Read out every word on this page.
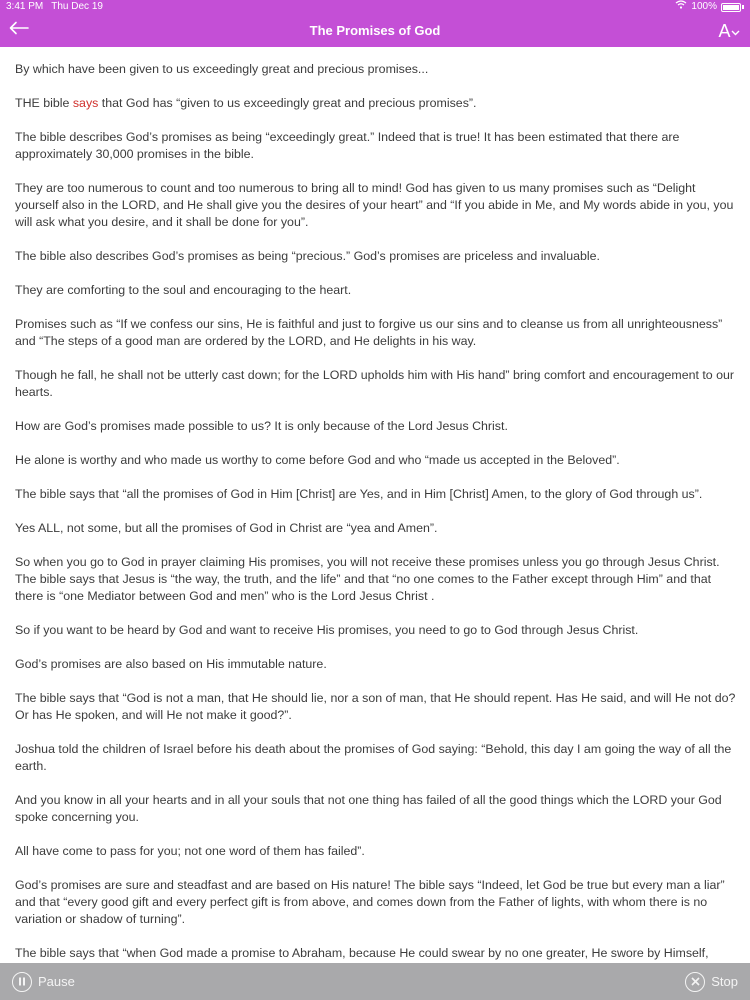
3:41 PM Thu Dec 19	100%
The Promises of God	A

By which have been given to us exceedingly great and precious promises...

THE bible says that God has “given to us exceedingly great and precious promises”.

The bible describes God’s promises as being “exceedingly great.” Indeed that is true! It has been estimated that there are approximately 30,000 promises in the bible.

They are too numerous to count and too numerous to bring all to mind! God has given to us many promises such as “Delight yourself also in the LORD, and He shall give you the desires of your heart” and “If you abide in Me, and My words abide in you, you will ask what you desire, and it shall be done for you”.

The bible also describes God’s promises as being “precious.” God’s promises are priceless and invaluable.

They are comforting to the soul and encouraging to the heart.

Promises such as “If we confess our sins, He is faithful and just to forgive us our sins and to cleanse us from all unrighteousness” and “The steps of a good man are ordered by the LORD, and He delights in his way.

Though he fall, he shall not be utterly cast down; for the LORD upholds him with His hand” bring comfort and encouragement to our hearts.

How are God’s promises made possible to us? It is only because of the Lord Jesus Christ.

He alone is worthy and who made us worthy to come before God and who “made us accepted in the Beloved”.

The bible says that “all the promises of God in Him [Christ] are Yes, and in Him [Christ] Amen, to the glory of God through us”.

Yes ALL, not some, but all the promises of God in Christ are “yea and Amen”.

So when you go to God in prayer claiming His promises, you will not receive these promises unless you go through Jesus Christ. The bible says that Jesus is “the way, the truth, and the life” and that “no one comes to the Father except through Him” and that there is “one Mediator between God and men” who is the Lord Jesus Christ .

So if you want to be heard by God and want to receive His promises, you need to go to God through Jesus Christ.

God’s promises are also based on His immutable nature.

The bible says that “God is not a man, that He should lie, nor a son of man, that He should repent. Has He said, and will He not do? Or has He spoken, and will He not make it good?”.

Joshua told the children of Israel before his death about the promises of God saying: “Behold, this day I am going the way of all the earth.

And you know in all your hearts and in all your souls that not one thing has failed of all the good things which the LORD your God spoke concerning you.

All have come to pass for you; not one word of them has failed”.

God’s promises are sure and steadfast and are based on His nature! The bible says “Indeed, let God be true but every man a liar” and that “every good gift and every perfect gift is from above, and comes down from the Father of lights, with whom there is no variation or shadow of turning”.

The bible says that “when God made a promise to Abraham, because He could swear by no one greater, He swore by Himself,

Pause	Stop
